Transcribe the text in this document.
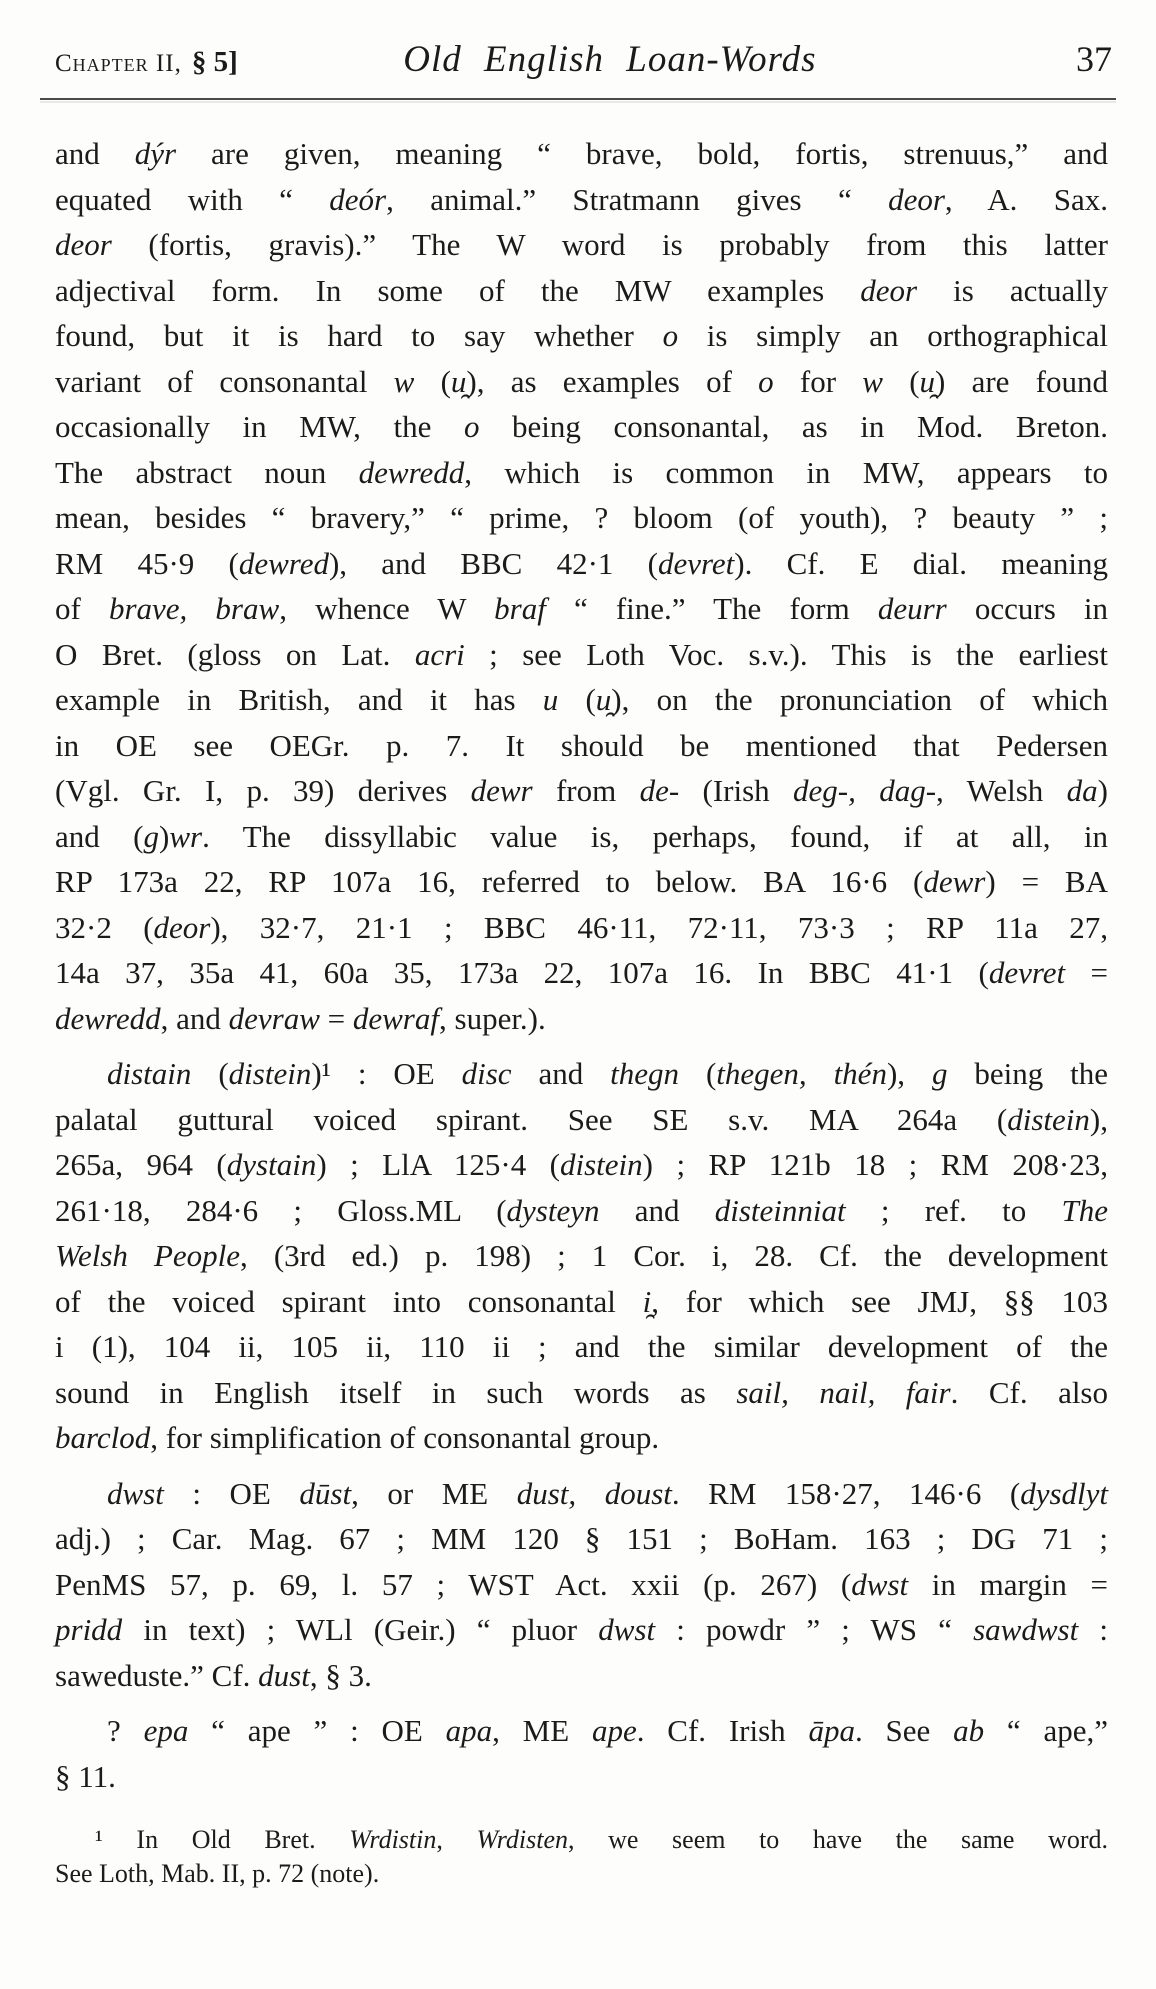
Chapter II, § 5]	Old English Loan-Words	37
and dýr are given, meaning “ brave, bold, fortis, strenuus,” and
equated with “ deór, animal.” Stratmann gives “ deor, A. Sax.
deor (fortis, gravis).” The W word is probably from this latter
adjectival form. In some of the MW examples deor is actually
found, but it is hard to say whether o is simply an orthographical
variant of consonantal w (u̯), as examples of o for w (u̯) are found
occasionally in MW, the o being consonantal, as in Mod. Breton.
The abstract noun dewredd, which is common in MW, appears to
mean, besides “ bravery,” “ prime, ? bloom (of youth), ? beauty ” ;
RM 45·9 (dewred), and BBC 42·1 (devret). Cf. E dial. meaning
of brave, braw, whence W braf “ fine.” The form deurr occurs in
O Bret. (gloss on Lat. acri ; see Loth Voc. s.v.). This is the earliest
example in British, and it has u (u̯), on the pronunciation of which
in OE see OEGr. p. 7. It should be mentioned that Pedersen
(Vgl. Gr. I, p. 39) derives dewr from de- (Irish deg-, dag-, Welsh da)
and (g)wr. The dissyllabic value is, perhaps, found, if at all, in
RP 173a 22, RP 107a 16, referred to below. BA 16·6 (dewr) = BA
32·2 (deor), 32·7, 21·1 ; BBC 46·11, 72·11, 73·3 ; RP 11a 27,
14a 37, 35a 41, 60a 35, 173a 22, 107a 16. In BBC 41·1 (devret =
dewredd, and devraw = dewraf, super.).
distain (distein)¹ : OE disc and thegn (thegen, thén), g being the
palatal guttural voiced spirant. See SE s.v. MA 264a (distein),
265a, 964 (dystain) ; LlA 125·4 (distein) ; RP 121b 18 ; RM 208·23,
261·18, 284·6 ; Gloss.ML (dysteyn and disteinniat ; ref. to The
Welsh People, (3rd ed.) p. 198) ; 1 Cor. i, 28. Cf. the development
of the voiced spirant into consonantal i̯, for which see JMJ, §§ 103
i (1), 104 ii, 105 ii, 110 ii ; and the similar development of the
sound in English itself in such words as sail, nail, fair. Cf. also
barclod, for simplification of consonantal group.
dwst : OE dūst, or ME dust, doust. RM 158·27, 146·6 (dysdlyt
adj.) ; Car. Mag. 67 ; MM 120 § 151 ; BoHam. 163 ; DG 71 ;
PenMS 57, p. 69, l. 57 ; WST Act. xxii (p. 267) (dwst in margin =
pridd in text) ; WLl (Geir.) “ pluor dwst : powdr ” ; WS “ sawdwst :
saweduste.” Cf. dust, § 3.
? epa “ ape ” : OE apa, ME ape. Cf. Irish āpa. See ab “ ape,”
§ 11.
¹ In Old Bret. Wrdistin, Wrdisten, we seem to have the same word.
See Loth, Mab. II, p. 72 (note).
